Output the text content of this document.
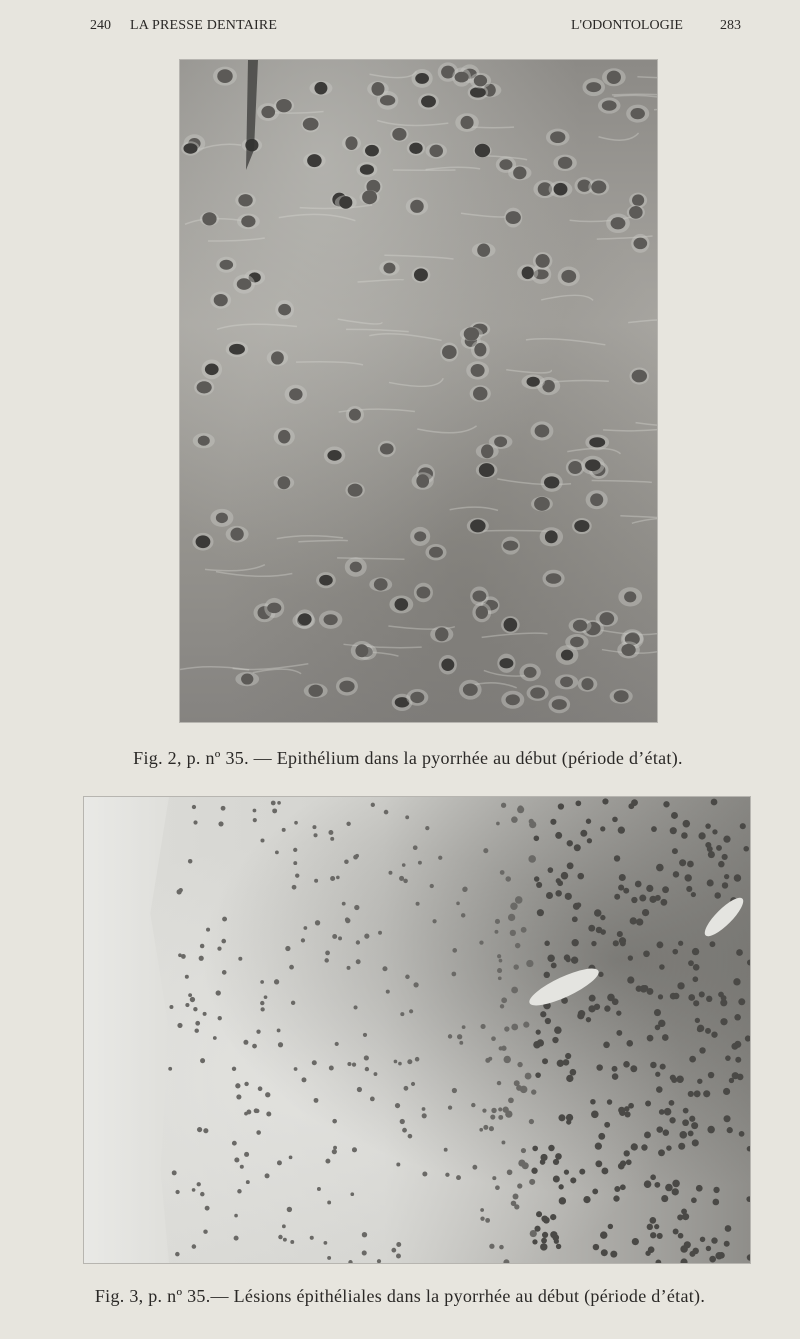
240 LA PRESSE DENTAIRE	L'ODONTOLOGIE	283
Fig. 2, p. nº 35. — Epithélium dans la pyorrhée au début (période d’état).
Fig. 3, p. nº 35.— Lésions épithéliales dans la pyorrhée au début (période d’état).
